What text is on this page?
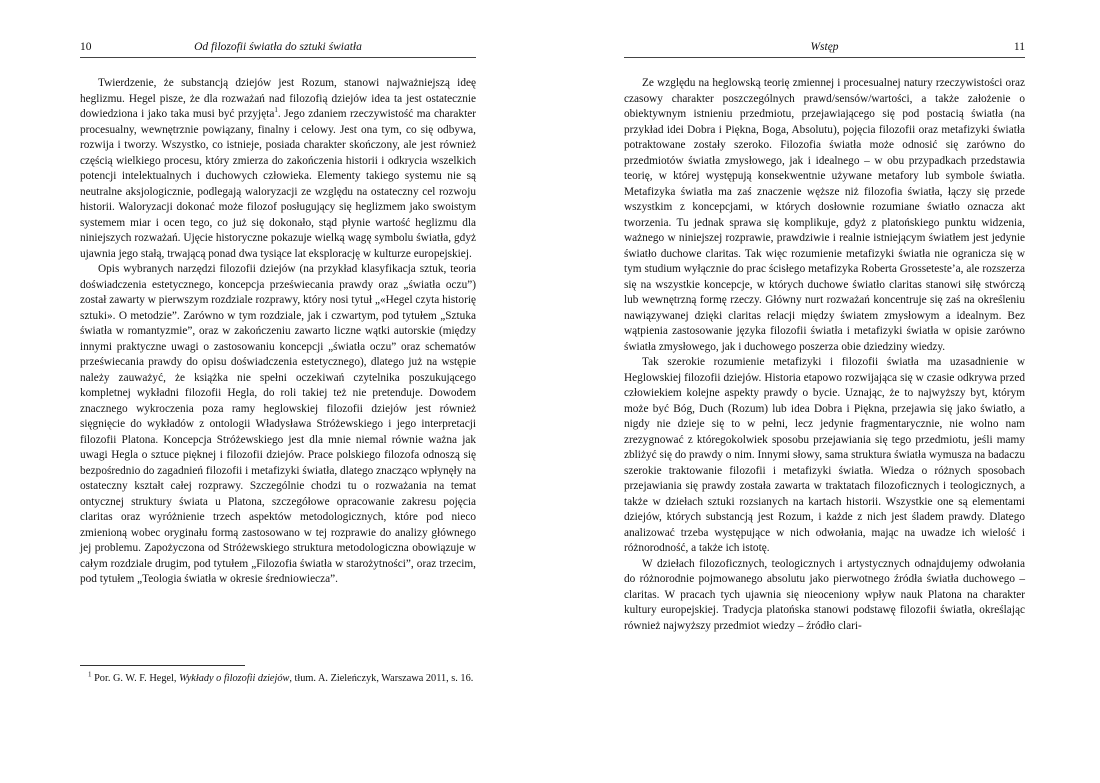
10	Od filozofii światła do sztuki światła

Twierdzenie, że substancją dziejów jest Rozum, stanowi najważniejszą ideę heglizmu. Hegel pisze, że dla rozważań nad filozofią dziejów idea ta jest ostatecznie dowiedziona i jako taka musi być przyjęta$^1$. Jego zdaniem rzeczywistość ma charakter procesualny, wewnętrznie powiązany, finalny i celowy. Jest ona tym, co się odbywa, rozwija i tworzy. Wszystko, co istnieje, posiada charakter skończony, ale jest również częścią wielkiego procesu, który zmierza do zakończenia historii i odkrycia wszelkich potencji intelektualnych i duchowych człowieka. Elementy takiego systemu nie są neutralne aksjologicznie, podlegają waloryzacji ze względu na ostateczny cel rozwoju historii. Waloryzacji dokonać może filozof posługujący się heglizmem jako swoistym systemem miar i ocen tego, co już się dokonało, stąd płynie wartość heglizmu dla niniejszych rozważań. Ujęcie historyczne pokazuje wielką wagę symbolu światła, gdyż ujawnia jego stałą, trwającą ponad dwa tysiące lat eksplorację w kulturze europejskiej.

Opis wybranych narzędzi filozofii dziejów (na przykład klasyfikacja sztuk, teoria doświadczenia estetycznego, koncepcja przeświecania prawdy oraz „światła oczu”) został zawarty w pierwszym rozdziale rozprawy, który nosi tytuł „«Hegel czyta historię sztuki». O metodzie”. Zarówno w tym rozdziale, jak i czwartym, pod tytułem „Sztuka światła w romantyzmie”, oraz w zakończeniu zawarto liczne wątki autorskie (między innymi praktyczne uwagi o zastosowaniu koncepcji „światła oczu” oraz schematów przeświecania prawdy do opisu doświadczenia estetycznego), dlatego już na wstępie należy zauważyć, że książka nie spełni oczekiwań czytelnika poszukującego kompletnej wykładni filozofii Hegla, do roli takiej też nie pretenduje. Dowodem znacznego wykroczenia poza ramy heglowskiej filozofii dziejów jest również sięgnięcie do wykładów z ontologii Władysława Stróżewskiego i jego interpretacji filozofii Platona. Koncepcja Stróżewskiego jest dla mnie niemal równie ważna jak uwagi Hegla o sztuce pięknej i filozofii dziejów. Prace polskiego filozofa odnoszą się bezpośrednio do zagadnień filozofii i metafizyki światła, dlatego znacząco wpłynęły na ostateczny kształt całej rozprawy. Szczególnie chodzi tu o rozważania na temat ontycznej struktury świata u Platona, szczegółowe opracowanie zakresu pojęcia claritas oraz wyróżnienie trzech aspektów metodologicznych, które pod nieco zmienioną wobec oryginału formą zastosowano w tej rozprawie do analizy głównego jej problemu. Zapożyczona od Stróżewskiego struktura metodologiczna obowiązuje w całym rozdziale drugim, pod tytułem „Filozofia światła w starożytności”, oraz trzecim, pod tytułem „Teologia światła w okresie średniowiecza”.

$^1$ Por. G. W. F. Hegel, Wykłady o filozofii dziejów, tłum. A. Zieleńczyk, Warszawa 2011, s. 16.

Wstęp	11

Ze względu na heglowską teorię zmiennej i procesualnej natury rzeczywistości oraz czasowy charakter poszczególnych prawd/sensów/wartości, a także założenie o obiektywnym istnieniu przedmiotu, przejawiającego się pod postacią światła (na przykład idei Dobra i Piękna, Boga, Absolutu), pojęcia filozofii oraz metafizyki światła potraktowane zostały szeroko. Filozofia światła może odnosić się zarówno do przedmiotów światła zmysłowego, jak i idealnego – w obu przypadkach przedstawia teorię, w której występują konsekwentnie używane metafory lub symbole światła. Metafizyka światła ma zaś znaczenie węższe niż filozofia światła, łączy się przede wszystkim z koncepcjami, w których dosłownie rozumiane światło oznacza akt tworzenia. Tu jednak sprawa się komplikuje, gdyż z platońskiego punktu widzenia, ważnego w niniejszej rozprawie, prawdziwie i realnie istniejącym światłem jest jedynie światło duchowe claritas. Tak więc rozumienie metafizyki światła nie ogranicza się w tym studium wyłącznie do prac ścisłego metafizyka Roberta Grosseteste’a, ale rozszerza się na wszystkie koncepcje, w których duchowe światło claritas stanowi siłę stwórczą lub wewnętrzną formę rzeczy. Główny nurt rozważań koncentruje się zaś na określeniu nawiązywanej dzięki claritas relacji między światem zmysłowym a idealnym. Bez wątpienia zastosowanie języka filozofii światła i metafizyki światła w opisie zarówno światła zmysłowego, jak i duchowego poszerza obie dziedziny wiedzy.

Tak szerokie rozumienie metafizyki i filozofii światła ma uzasadnienie w Heglowskiej filozofii dziejów. Historia etapowo rozwijająca się w czasie odkrywa przed człowiekiem kolejne aspekty prawdy o bycie. Uznając, że to najwyższy byt, którym może być Bóg, Duch (Rozum) lub idea Dobra i Piękna, przejawia się jako światło, a nigdy nie dzieje się to w pełni, lecz jedynie fragmentarycznie, nie wolno nam zrezygnować z któregokolwiek sposobu przejawiania się tego przedmiotu, jeśli mamy zbliżyć się do prawdy o nim. Innymi słowy, sama struktura światła wymusza na badaczu szerokie traktowanie filozofii i metafizyki światła. Wiedza o różnych sposobach przejawiania się prawdy została zawarta w traktatach filozoficznych i teologicznych, a także w dziełach sztuki rozsianych na kartach historii. Wszystkie one są elementami dziejów, których substancją jest Rozum, i każde z nich jest śladem prawdy. Dlatego analizować trzeba występujące w nich odwołania, mając na uwadze ich wielość i różnorodność, a także ich istotę.

W dziełach filozoficznych, teologicznych i artystycznych odnajdujemy odwołania do różnorodnie pojmowanego absolutu jako pierwotnego źródła światła duchowego – claritas. W pracach tych ujawnia się nieoceniony wpływ nauk Platona na charakter kultury europejskiej. Tradycja platońska stanowi podstawę filozofii światła, określając również najwyższy przedmiot wiedzy – źródło clari-
